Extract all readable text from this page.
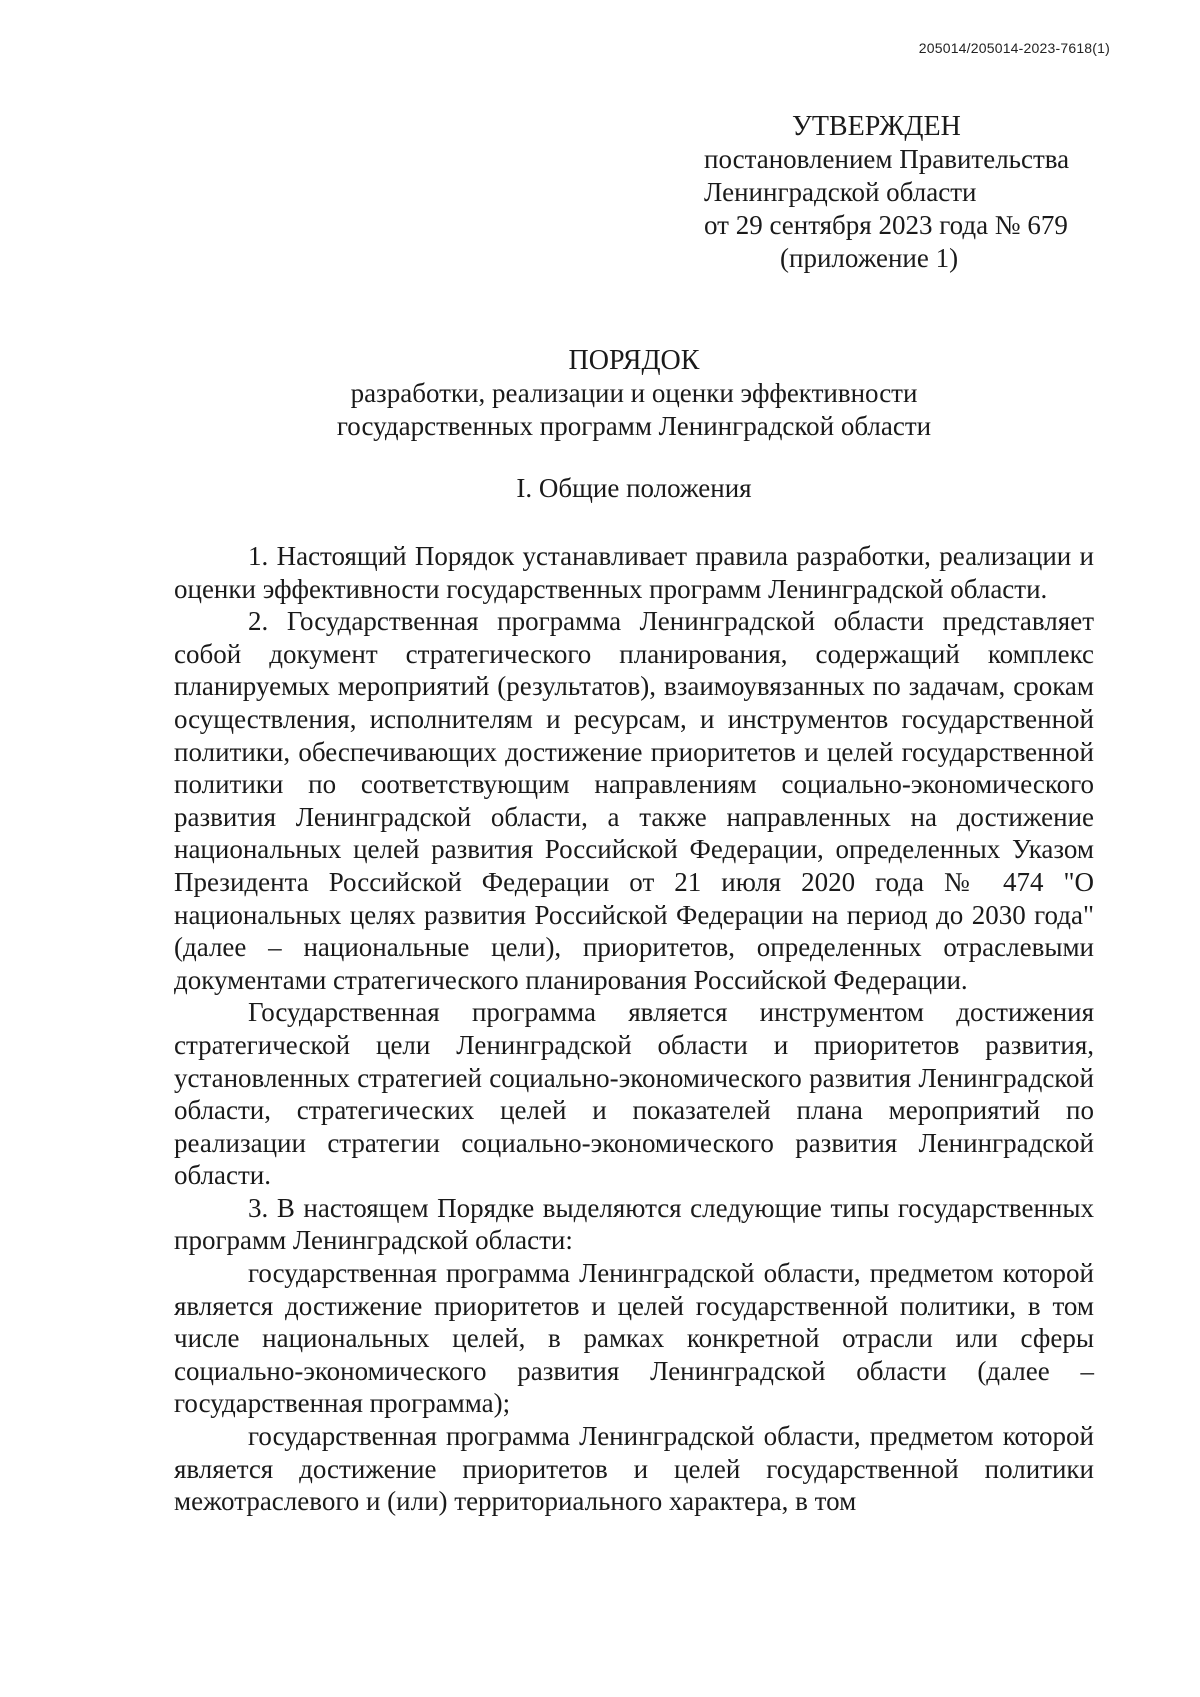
205014/205014-2023-7618(1)
УТВЕРЖДЕН
постановлением Правительства
Ленинградской области
от 29 сентября 2023 года № 679
(приложение 1)
ПОРЯДОК
разработки, реализации и оценки эффективности
государственных программ Ленинградской области
I. Общие положения

1. Настоящий Порядок устанавливает правила разработки, реализации и оценки эффективности государственных программ Ленинградской области.

2. Государственная программа Ленинградской области представляет собой документ стратегического планирования, содержащий комплекс планируемых мероприятий (результатов), взаимоувязанных по задачам, срокам осуществления, исполнителям и ресурсам, и инструментов государственной политики, обеспечивающих достижение приоритетов и целей государственной политики по соответствующим направлениям социально-экономического развития Ленинградской области, а также направленных на достижение национальных целей развития Российской Федерации, определенных Указом Президента Российской Федерации от 21 июля 2020 года № 474 "О национальных целях развития Российской Федерации на период до 2030 года" (далее – национальные цели), приоритетов, определенных отраслевыми документами стратегического планирования Российской Федерации.

Государственная программа является инструментом достижения стратегической цели Ленинградской области и приоритетов развития, установленных стратегией социально-экономического развития Ленинградской области, стратегических целей и показателей плана мероприятий по реализации стратегии социально-экономического развития Ленинградской области.

3. В настоящем Порядке выделяются следующие типы государственных программ Ленинградской области:

государственная программа Ленинградской области, предметом которой является достижение приоритетов и целей государственной политики, в том числе национальных целей, в рамках конкретной отрасли или сферы социально-экономического развития Ленинградской области (далее – государственная программа);

государственная программа Ленинградской области, предметом которой является достижение приоритетов и целей государственной политики межотраслевого и (или) территориального характера, в том
